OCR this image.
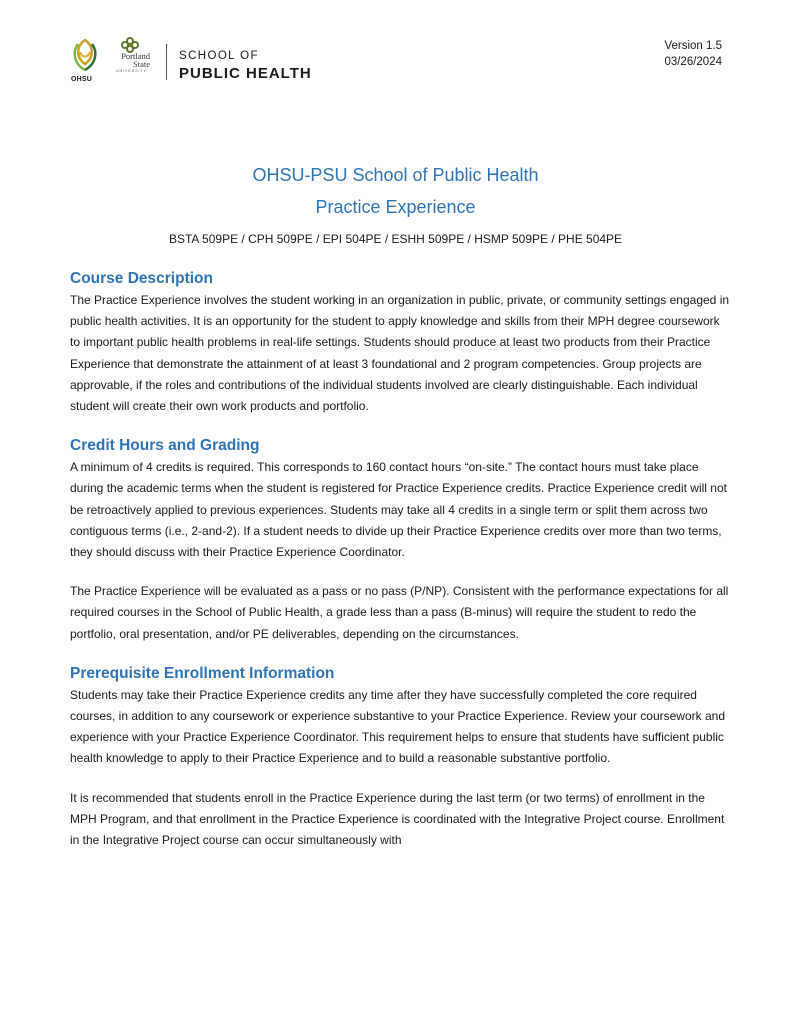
OHSU
Portland
State
UNIVERSITY
SCHOOL OF
PUBLIC HEALTH
Version 1.5
03/26/2024
OHSU-PSU School of Public Health
Practice Experience
BSTA 509PE / CPH 509PE / EPI 504PE / ESHH 509PE / HSMP 509PE / PHE 504PE
Course Description

The Practice Experience involves the student working in an organization in public, private, or community settings engaged in public health activities. It is an opportunity for the student to apply knowledge and skills from their MPH degree coursework to important public health problems in real-life settings. Students should produce at least two products from their Practice Experience that demonstrate the attainment of at least 3 foundational and 2 program competencies. Group projects are approvable, if the roles and contributions of the individual students involved are clearly distinguishable. Each individual student will create their own work products and portfolio.

Credit Hours and Grading

A minimum of 4 credits is required. This corresponds to 160 contact hours “on-site.” The contact hours must take place during the academic terms when the student is registered for Practice Experience credits. Practice Experience credit will not be retroactively applied to previous experiences. Students may take all 4 credits in a single term or split them across two contiguous terms (i.e., 2-and-2). If a student needs to divide up their Practice Experience credits over more than two terms, they should discuss with their Practice Experience Coordinator.

The Practice Experience will be evaluated as a pass or no pass (P/NP). Consistent with the performance expectations for all required courses in the School of Public Health, a grade less than a pass (B-minus) will require the student to redo the portfolio, oral presentation, and/or PE deliverables, depending on the circumstances.

Prerequisite Enrollment Information

Students may take their Practice Experience credits any time after they have successfully completed the core required courses, in addition to any coursework or experience substantive to your Practice Experience. Review your coursework and experience with your Practice Experience Coordinator. This requirement helps to ensure that students have sufficient public health knowledge to apply to their Practice Experience and to build a reasonable substantive portfolio.

It is recommended that students enroll in the Practice Experience during the last term (or two terms) of enrollment in the MPH Program, and that enrollment in the Practice Experience is coordinated with the Integrative Project course. Enrollment in the Integrative Project course can occur simultaneously with
